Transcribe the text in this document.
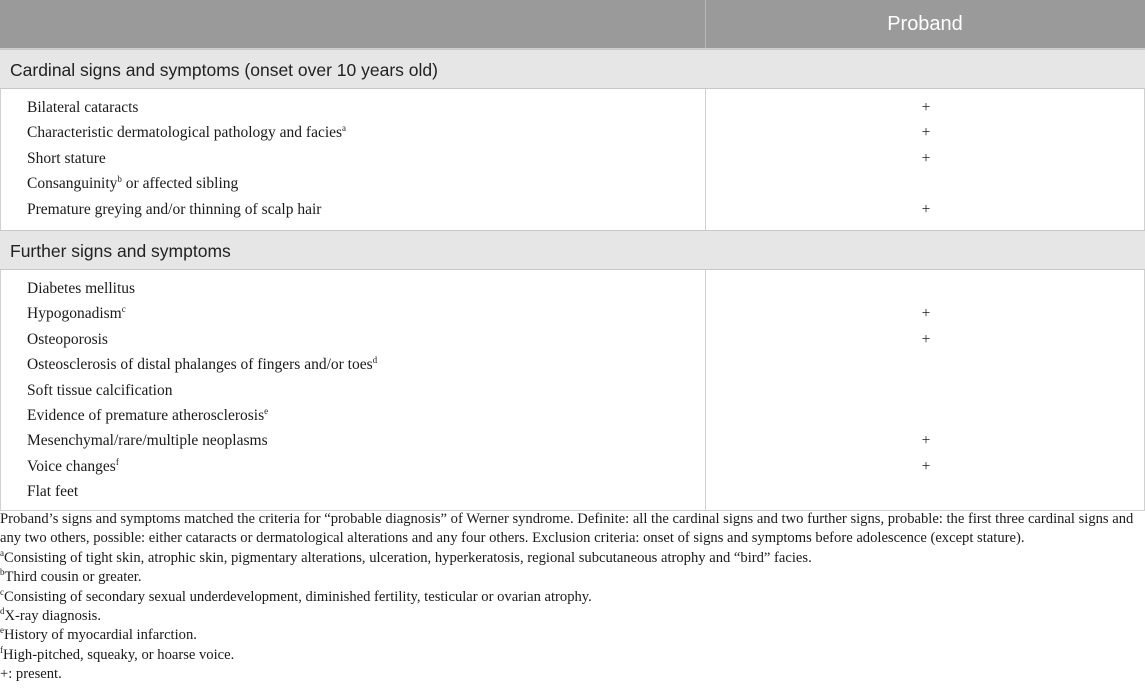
Proband
Cardinal signs and symptoms (onset over 10 years old)
Bilateral cataracts	+
Characteristic dermatological pathology and facies$^a$	+
Short stature	+
Consanguinity$^b$ or affected sibling
Premature greying and/or thinning of scalp hair	+
Further signs and symptoms
Diabetes mellitus
Hypogonadism$^c$	+
Osteoporosis	+
Osteosclerosis of distal phalanges of fingers and/or toes$^d$
Soft tissue calcification
Evidence of premature atherosclerosis$^e$
Mesenchymal/rare/multiple neoplasms	+
Voice changes$^f$	+
Flat feet

Proband’s signs and symptoms matched the criteria for “probable diagnosis” of Werner syndrome. Definite: all the cardinal signs and two further signs, probable: the first three cardinal signs and any two others, possible: either cataracts or dermatological alterations and any four others. Exclusion criteria: onset of signs and symptoms before adolescence (except stature).

$^a$Consisting of tight skin, atrophic skin, pigmentary alterations, ulceration, hyperkeratosis, regional subcutaneous atrophy and “bird” facies.

$^b$Third cousin or greater.

$^c$Consisting of secondary sexual underdevelopment, diminished fertility, testicular or ovarian atrophy.

$^d$X-ray diagnosis.

$^e$History of myocardial infarction.

$^f$High-pitched, squeaky, or hoarse voice.

+: present.
